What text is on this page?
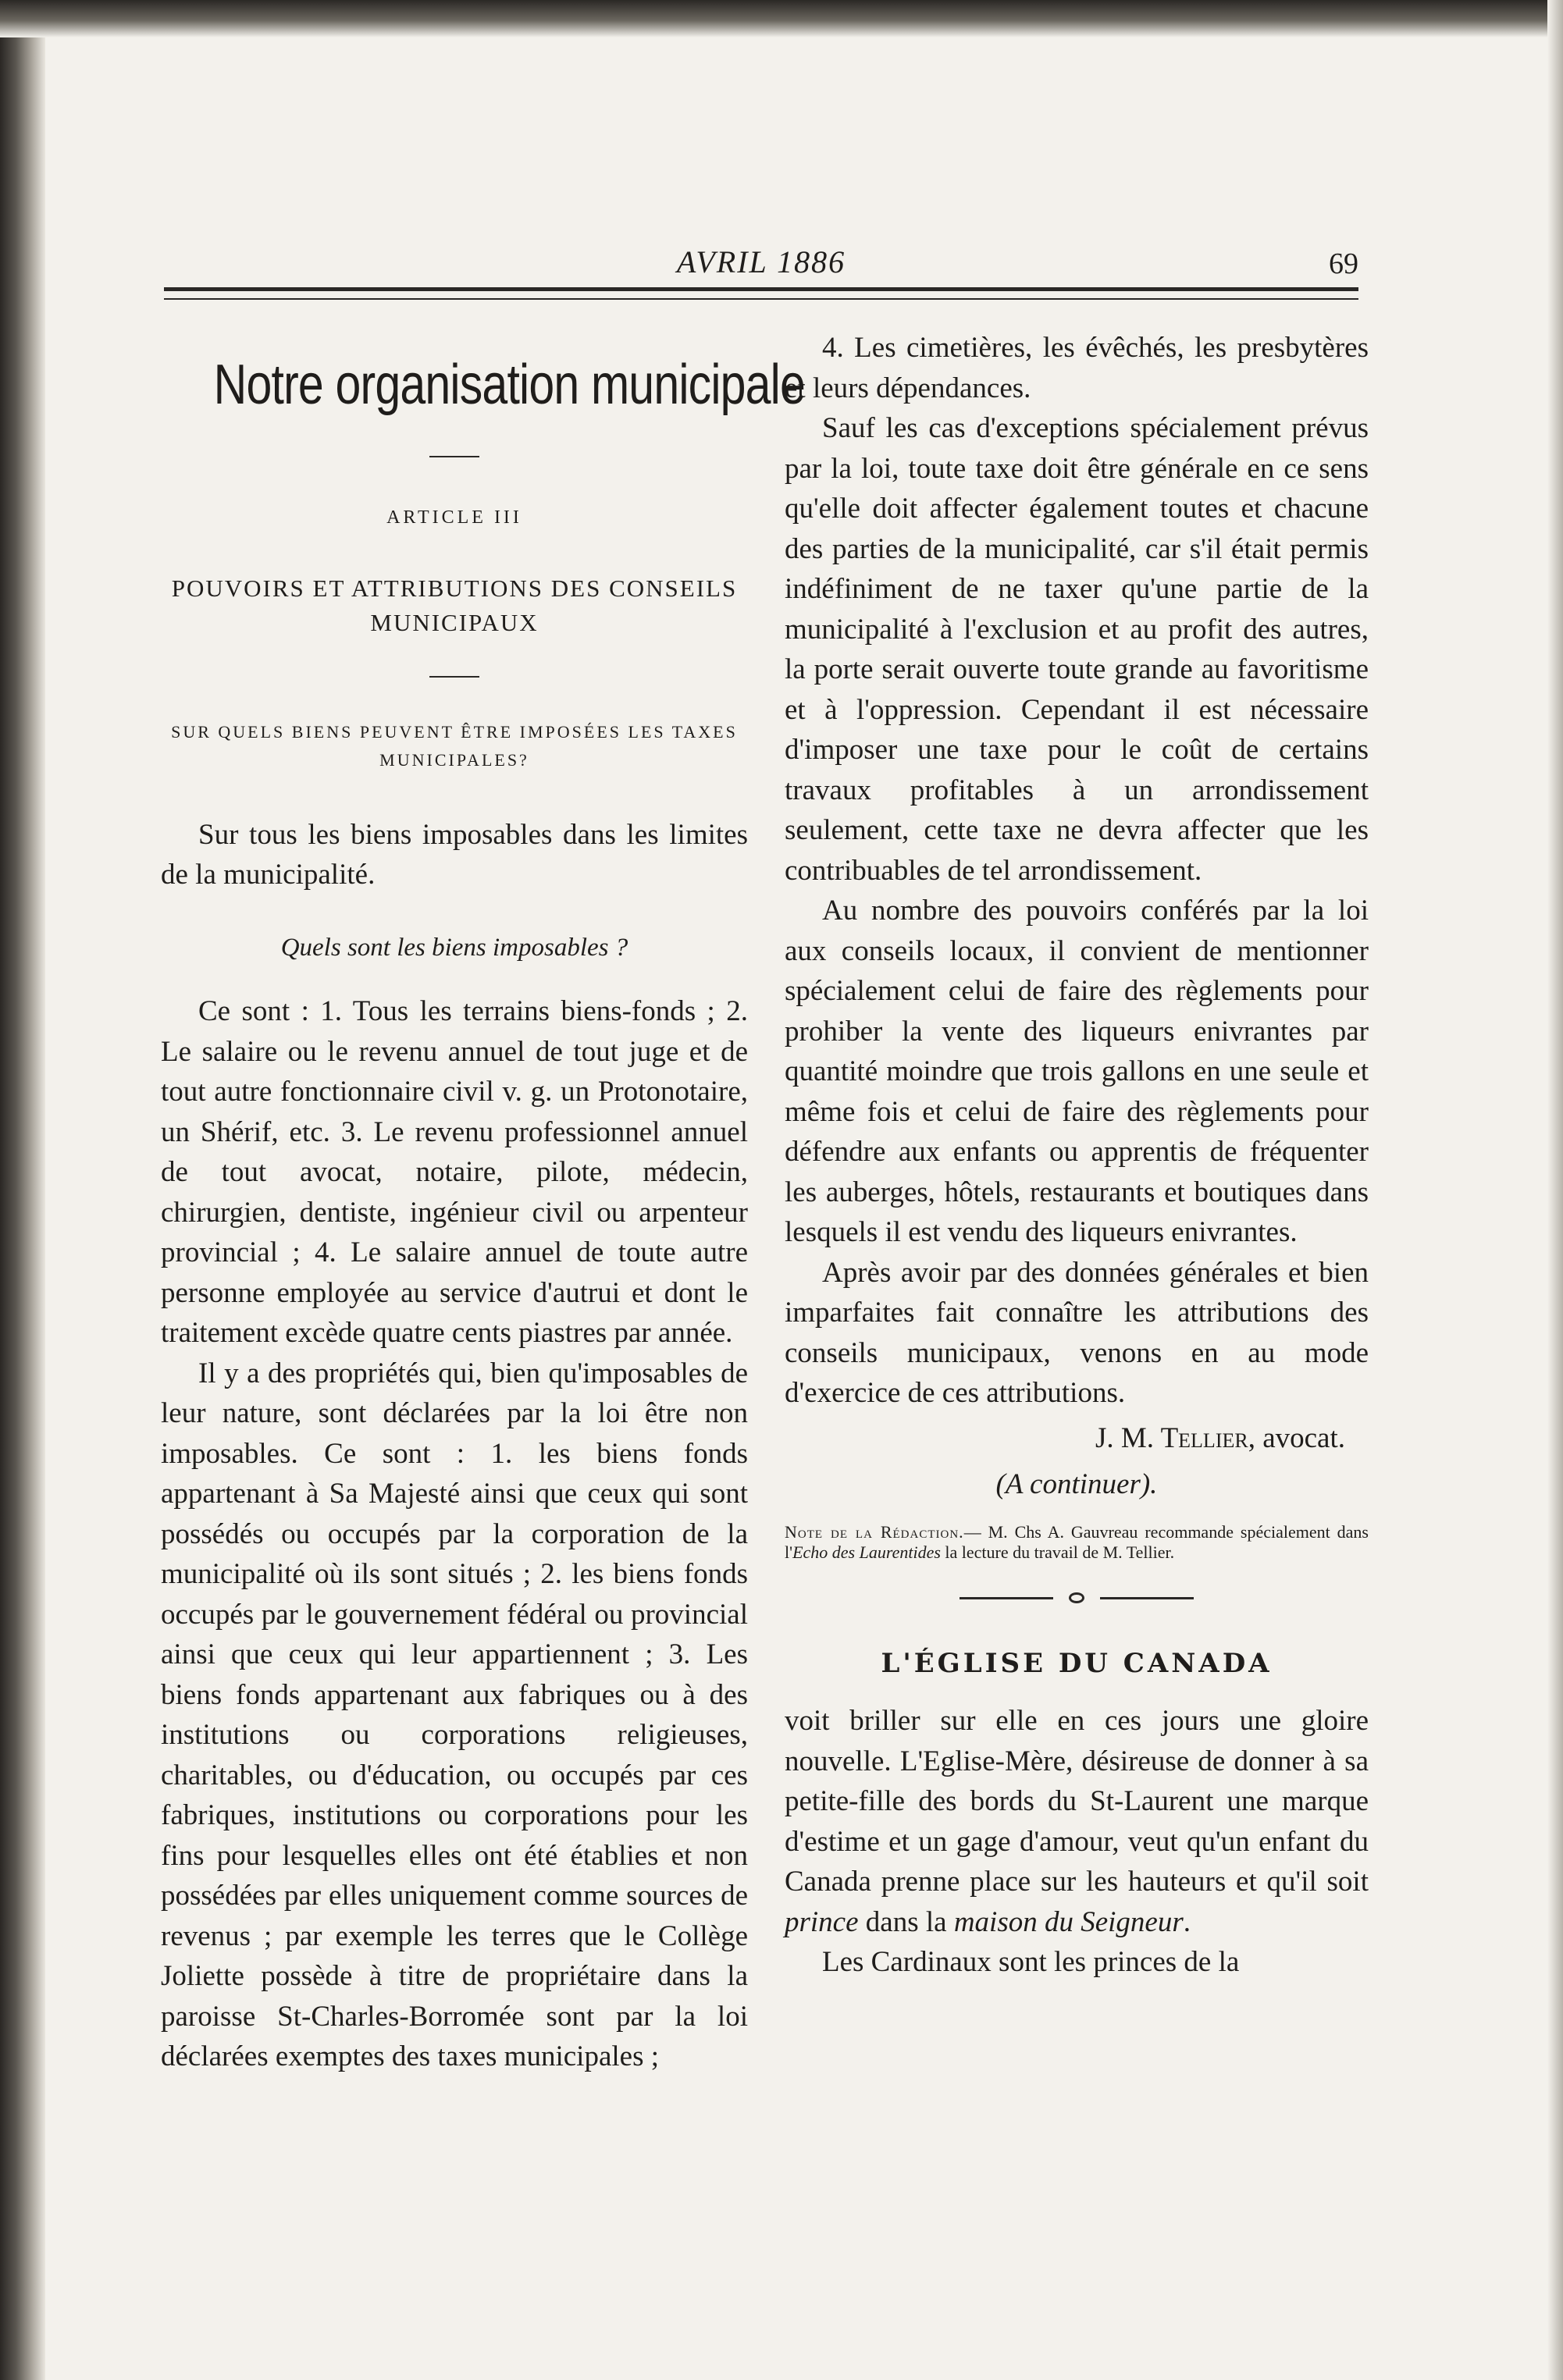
AVRIL 1886	69
Notre organisation municipale
ARTICLE III
POUVOIRS ET ATTRIBUTIONS DES CONSEILS MUNICIPAUX
SUR QUELS BIENS PEUVENT ÊTRE IMPOSÉES LES TAXES MUNICIPALES?

Sur tous les biens imposables dans les limites de la municipalité.

Quels sont les biens imposables ?

Ce sont : 1. Tous les terrains biens-fonds ; 2. Le salaire ou le revenu annuel de tout juge et de tout autre fonctionnaire civil v. g. un Protonotaire, un Shérif, etc. 3. Le revenu professionnel annuel de tout avocat, notaire, pilote, médecin, chirurgien, dentiste, ingénieur civil ou arpenteur provincial ; 4. Le salaire annuel de toute autre personne employée au service d'autrui et dont le traitement excède quatre cents piastres par année.

Il y a des propriétés qui, bien qu'imposables de leur nature, sont déclarées par la loi être non imposables. Ce sont : 1. les biens fonds appartenant à Sa Majesté ainsi que ceux qui sont possédés ou occupés par la corporation de la municipalité où ils sont situés ; 2. les biens fonds occupés par le gouvernement fédéral ou provincial ainsi que ceux qui leur appartiennent ; 3. Les biens fonds appartenant aux fabriques ou à des institutions ou corporations religieuses, charitables, ou d'éducation, ou occupés par ces fabriques, institutions ou corporations pour les fins pour lesquelles elles ont été établies et non possédées par elles uniquement comme sources de revenus ; par exemple les terres que le Collège Joliette possède à titre de propriétaire dans la paroisse St-Charles-Borromée sont par la loi déclarées exemptes des taxes municipales ;

4. Les cimetières, les évêchés, les presbytères et leurs dépendances.

Sauf les cas d'exceptions spécialement prévus par la loi, toute taxe doit être générale en ce sens qu'elle doit affecter également toutes et chacune des parties de la municipalité, car s'il était permis indéfiniment de ne taxer qu'une partie de la municipalité à l'exclusion et au profit des autres, la porte serait ouverte toute grande au favoritisme et à l'oppression. Cependant il est nécessaire d'imposer une taxe pour le coût de certains travaux profitables à un arrondissement seulement, cette taxe ne devra affecter que les contribuables de tel arrondissement.

Au nombre des pouvoirs conférés par la loi aux conseils locaux, il convient de mentionner spécialement celui de faire des règlements pour prohiber la vente des liqueurs enivrantes par quantité moindre que trois gallons en une seule et même fois et celui de faire des règlements pour défendre aux enfants ou apprentis de fréquenter les auberges, hôtels, restaurants et boutiques dans lesquels il est vendu des liqueurs enivrantes.

Après avoir par des données générales et bien imparfaites fait connaître les attributions des conseils municipaux, venons en au mode d'exercice de ces attributions.

J. M. Tellier, avocat.
(A continuer).
Note de la Rédaction.— M. Chs A. Gauvreau recommande spécialement dans l'Echo des Laurentides la lecture du travail de M. Tellier.
L'ÉGLISE DU CANADA

voit briller sur elle en ces jours une gloire nouvelle. L'Eglise-Mère, désireuse de donner à sa petite-fille des bords du St-Laurent une marque d'estime et un gage d'amour, veut qu'un enfant du Canada prenne place sur les hauteurs et qu'il soit prince dans la maison du Seigneur.

Les Cardinaux sont les princes de la
